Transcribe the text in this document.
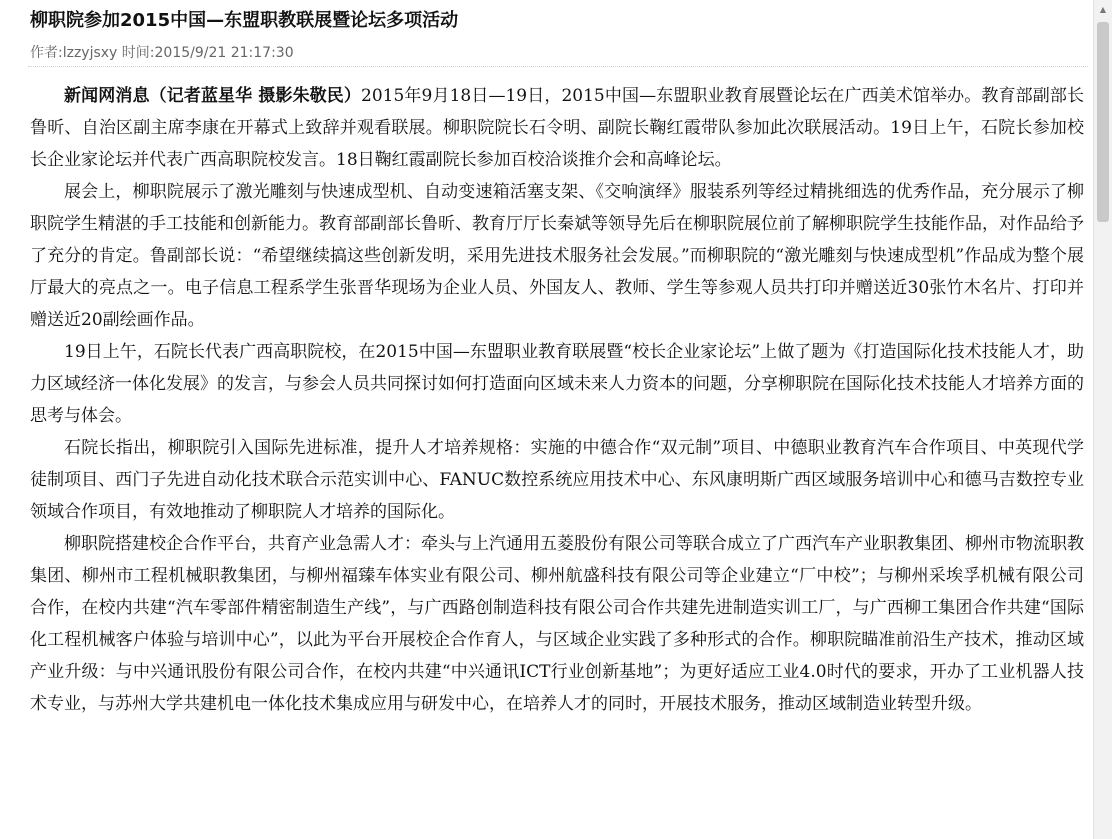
柳职院参加2015中国—东盟职教联展暨论坛多项活动
作者:lzzyjsxy 时间:2015/9/21 21:17:30

新闻网消息（记者蓝星华 摄影朱敬民）2015年9月18日—19日，2015中国—东盟职业教育展暨论坛在广西美术馆举办。教育部副部长鲁昕、自治区副主席李康在开幕式上致辞并观看联展。柳职院院长石令明、副院长鞠红霞带队参加此次联展活动。19日上午，石院长参加校长企业家论坛并代表广西高职院校发言。18日鞠红霞副院长参加百校洽谈推介会和高峰论坛。

展会上，柳职院展示了激光雕刻与快速成型机、自动变速箱活塞支架、《交响演绎》服装系列等经过精挑细选的优秀作品，充分展示了柳职院学生精湛的手工技能和创新能力。教育部副部长鲁昕、教育厅厅长秦斌等领导先后在柳职院展位前了解柳职院学生技能作品，对作品给予了充分的肯定。鲁副部长说：“希望继续搞这些创新发明，采用先进技术服务社会发展。”而柳职院的“激光雕刻与快速成型机”作品成为整个展厅最大的亮点之一。电子信息工程系学生张晋华现场为企业人员、外国友人、教师、学生等参观人员共打印并赠送近30张竹木名片、打印并赠送近20副绘画作品。

19日上午，石院长代表广西高职院校，在2015中国—东盟职业教育联展暨“校长企业家论坛”上做了题为《打造国际化技术技能人才，助力区域经济一体化发展》的发言，与参会人员共同探讨如何打造面向区域未来人力资本的问题，分享柳职院在国际化技术技能人才培养方面的思考与体会。

石院长指出，柳职院引入国际先进标准，提升人才培养规格：实施的中德合作“双元制”项目、中德职业教育汽车合作项目、中英现代学徒制项目、西门子先进自动化技术联合示范实训中心、FANUC数控系统应用技术中心、东风康明斯广西区域服务培训中心和德马吉数控专业领域合作项目，有效地推动了柳职院人才培养的国际化。

柳职院搭建校企合作平台，共育产业急需人才：牵头与上汽通用五菱股份有限公司等联合成立了广西汽车产业职教集团、柳州市物流职教集团、柳州市工程机械职教集团，与柳州福臻车体实业有限公司、柳州航盛科技有限公司等企业建立“厂中校”；与柳州采埃孚机械有限公司合作，在校内共建“汽车零部件精密制造生产线”，与广西路创制造科技有限公司合作共建先进制造实训工厂，与广西柳工集团合作共建“国际化工程机械客户体验与培训中心”，以此为平台开展校企合作育人，与区域企业实践了多种形式的合作。柳职院瞄准前沿生产技术，推动区域产业升级：与中兴通讯股份有限公司合作，在校内共建“中兴通讯ICT行业创新基地”；为更好适应工业4.0时代的要求，开办了工业机器人技术专业，与苏州大学共建机电一体化技术集成应用与研发中心，在培养人才的同时，开展技术服务，推动区域制造业转型升级。

▲
